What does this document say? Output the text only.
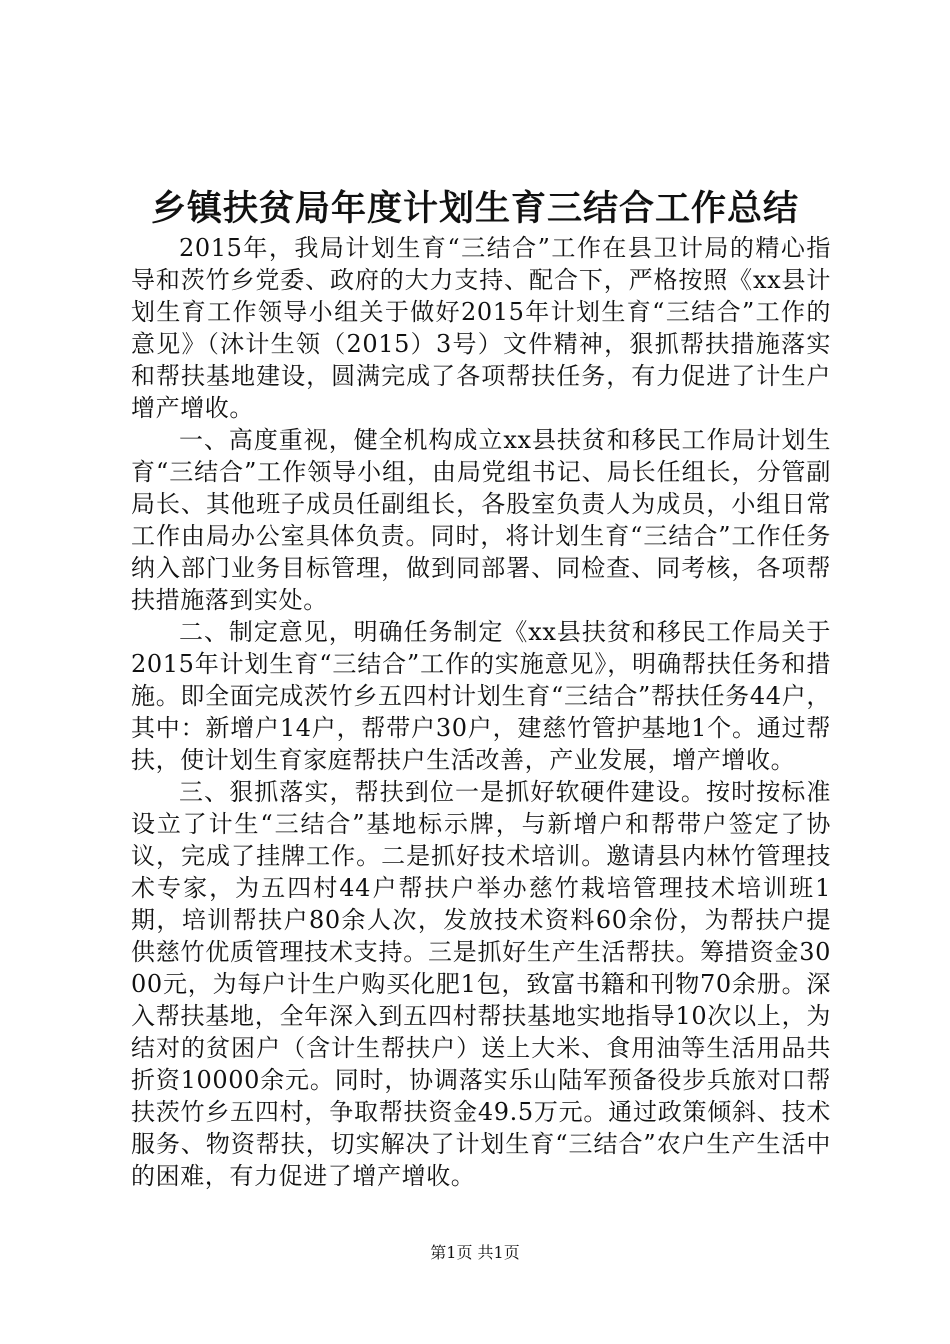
乡镇扶贫局年度计划生育三结合工作总结

2015年，我局计划生育“三结合”工作在县卫计局的精心指导和茨竹乡党委、政府的大力支持、配合下，严格按照《xx县计划生育工作领导小组关于做好2015年计划生育“三结合”工作的意见》（沐计生领（2015）3号）文件精神，狠抓帮扶措施落实和帮扶基地建设，圆满完成了各项帮扶任务，有力促进了计生户增产增收。

一、高度重视，健全机构成立xx县扶贫和移民工作局计划生育“三结合”工作领导小组，由局党组书记、局长任组长，分管副局长、其他班子成员任副组长，各股室负责人为成员，小组日常工作由局办公室具体负责。同时，将计划生育“三结合”工作任务纳入部门业务目标管理，做到同部署、同检查、同考核，各项帮扶措施落到实处。

二、制定意见，明确任务制定《xx县扶贫和移民工作局关于2015年计划生育“三结合”工作的实施意见》，明确帮扶任务和措施。即全面完成茨竹乡五四村计划生育“三结合”帮扶任务44户，其中：新增户14户，帮带户30户，建慈竹管护基地1个。通过帮扶，使计划生育家庭帮扶户生活改善，产业发展，增产增收。

三、狠抓落实，帮扶到位一是抓好软硬件建设。按时按标准设立了计生“三结合”基地标示牌，与新增户和帮带户签定了协议，完成了挂牌工作。二是抓好技术培训。邀请县内林竹管理技术专家，为五四村44户帮扶户举办慈竹栽培管理技术培训班1期，培训帮扶户80余人次，发放技术资料60余份，为帮扶户提供慈竹优质管理技术支持。三是抓好生产生活帮扶。筹措资金3000元，为每户计生户购买化肥1包，致富书籍和刊物70余册。深入帮扶基地，全年深入到五四村帮扶基地实地指导10次以上，为结对的贫困户（含计生帮扶户）送上大米、食用油等生活用品共折资10000余元。同时，协调落实乐山陆军预备役步兵旅对口帮扶茨竹乡五四村，争取帮扶资金49.5万元。通过政策倾斜、技术服务、物资帮扶，切实解决了计划生育“三结合”农户生产生活中的困难，有力促进了增产增收。

第1页 共1页
